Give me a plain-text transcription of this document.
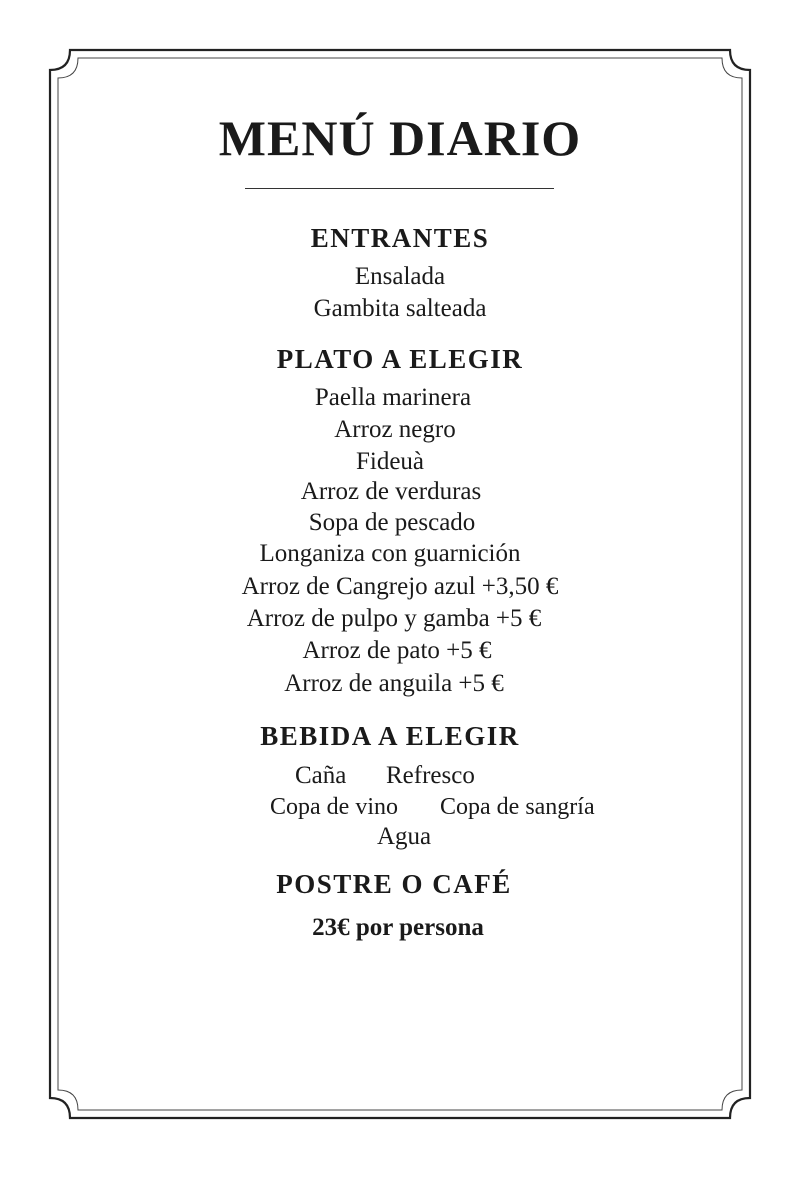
MENÚ DIARIO
ENTRANTES
Ensalada
Gambita salteada
PLATO A ELEGIR
Paella marinera
Arroz negro
Fideuà
Arroz de verduras
Sopa de pescado
Longaniza con guarnición
Arroz de Cangrejo azul +3,50 €
Arroz de pulpo y gamba +5 €
Arroz de pato +5 €
Arroz de anguila +5 €
BEBIDA A ELEGIR
Caña Refresco
Copa de vino Copa de sangría
Agua
POSTRE O CAFÉ
23€ por persona
